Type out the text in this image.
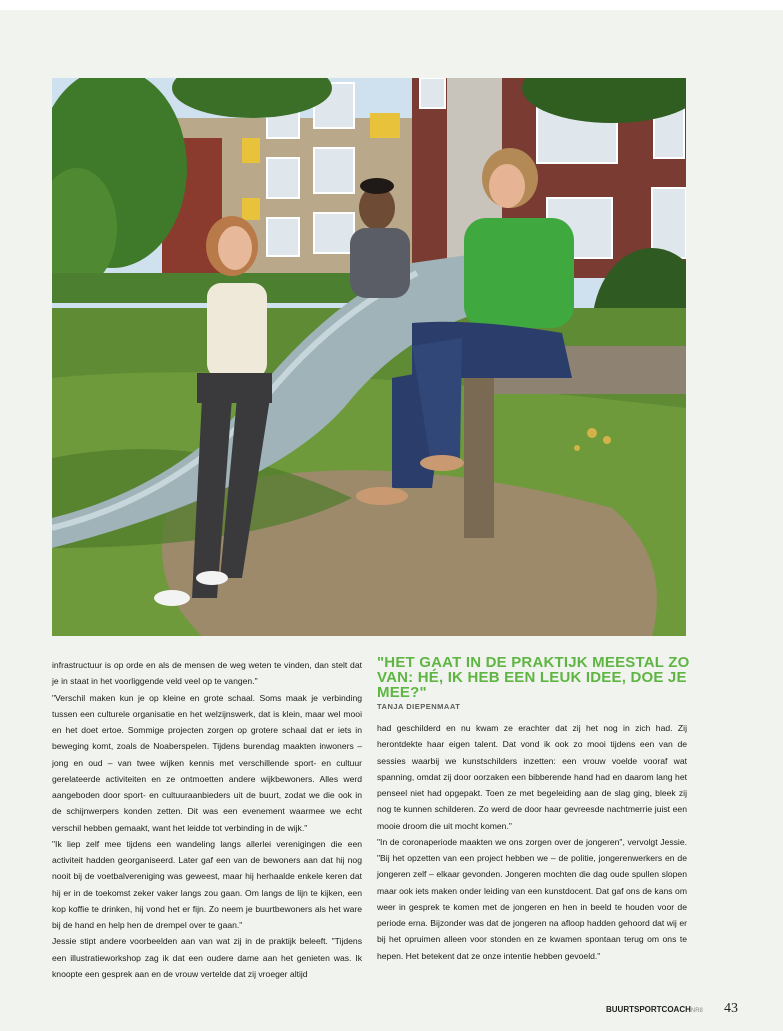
infrastructuur is op orde en als de mensen de weg weten te vinden, dan stelt dat je in staat in het voorliggende veld veel op te vangen."

"Verschil maken kun je op kleine en grote schaal. Soms maak je verbinding tussen een culturele organisatie en het welzijnswerk, dat is klein, maar wel mooi en het doet ertoe. Sommige projecten zorgen op grotere schaal dat er iets in beweging komt, zoals de Noaberspelen. Tijdens burendag maakten inwoners – jong en oud – van twee wijken kennis met verschillende sport- en cultuur gerelateerde activiteiten en ze ontmoetten andere wijkbewoners. Alles werd aangeboden door sport- en cultuuraanbieders uit de buurt, zodat we die ook in de schijnwerpers konden zetten. Dit was een evenement waarmee we echt verschil hebben gemaakt, want het leidde tot verbinding in de wijk."

"Ik liep zelf mee tijdens een wandeling langs allerlei verenigingen die een activiteit hadden georganiseerd. Later gaf een van de bewoners aan dat hij nog nooit bij de voetbalvereniging was geweest, maar hij herhaalde enkele keren dat hij er in de toekomst zeker vaker langs zou gaan. Om langs de lijn te kijken, een kop koffie te drinken, hij vond het er fijn. Zo neem je buurtbewoners als het ware bij de hand en help hen de drempel over te gaan."

Jessie stipt andere voorbeelden aan van wat zij in de praktijk beleeft. "Tijdens een illustratieworkshop zag ik dat een oudere dame aan het genieten was. Ik knoopte een gesprek aan en de vrouw vertelde dat zij vroeger altijd

"HET GAAT IN DE PRAKTIJK MEESTAL ZO VAN: HÉ, IK HEB EEN LEUK IDEE, DOE JE MEE?"
TANJA DIEPENMAAT

had geschilderd en nu kwam ze erachter dat zij het nog in zich had. Zij herontdekte haar eigen talent. Dat vond ik ook zo mooi tijdens een van de sessies waarbij we kunstschilders inzetten: een vrouw voelde vooraf wat spanning, omdat zij door oorzaken een bibberende hand had en daarom lang het penseel niet had opgepakt. Toen ze met begeleiding aan de slag ging, bleek zij nog te kunnen schilderen. Zo werd de door haar gevreesde nachtmerrie juist een mooie droom die uit mocht komen."

"In de coronaperiode maakten we ons zorgen over de jongeren", vervolgt Jessie. "Bij het opzetten van een project hebben we – de politie, jongerenwerkers en de jongeren zelf – elkaar gevonden. Jongeren mochten die dag oude spullen slopen maar ook iets maken onder leiding van een kunstdocent. Dat gaf ons de kans om weer in gesprek te komen met de jongeren en hen in beeld te houden voor de periode erna. Bijzonder was dat de jongeren na afloop hadden gehoord dat wij er bij het opruimen alleen voor stonden en ze kwamen spontaan terug om ons te hepen. Het betekent dat ze onze intentie hebben gevoeld."

BUURTSPORTCOACHNR8 43
